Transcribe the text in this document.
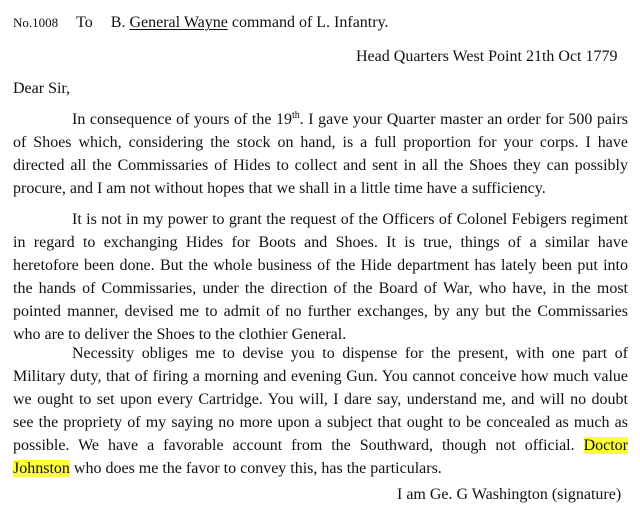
No.1008 To B. General Wayne command of L. Infantry.
Head Quarters West Point 21th Oct 1779
Dear Sir,

In consequence of yours of the 19th. I gave your Quarter master an order for 500 pairs of Shoes which, considering the stock on hand, is a full proportion for your corps. I have directed all the Commissaries of Hides to collect and sent in all the Shoes they can possibly procure, and I am not without hopes that we shall in a little time have a sufficiency.

It is not in my power to grant the request of the Officers of Colonel Febigers regiment in regard to exchanging Hides for Boots and Shoes. It is true, things of a similar have heretofore been done. But the whole business of the Hide department has lately been put into the hands of Commissaries, under the direction of the Board of War, who have, in the most pointed manner, devised me to admit of no further exchanges, by any but the Commissaries who are to deliver the Shoes to the clothier General.

Necessity obliges me to devise you to dispense for the present, with one part of Military duty, that of firing a morning and evening Gun. You cannot conceive how much value we ought to set upon every Cartridge. You will, I dare say, understand me, and will no doubt see the propriety of my saying no more upon a subject that ought to be concealed as much as possible. We have a favorable account from the Southward, though not official. Doctor Johnston who does me the favor to convey this, has the particulars.

I am Ge. G Washington (signature)
